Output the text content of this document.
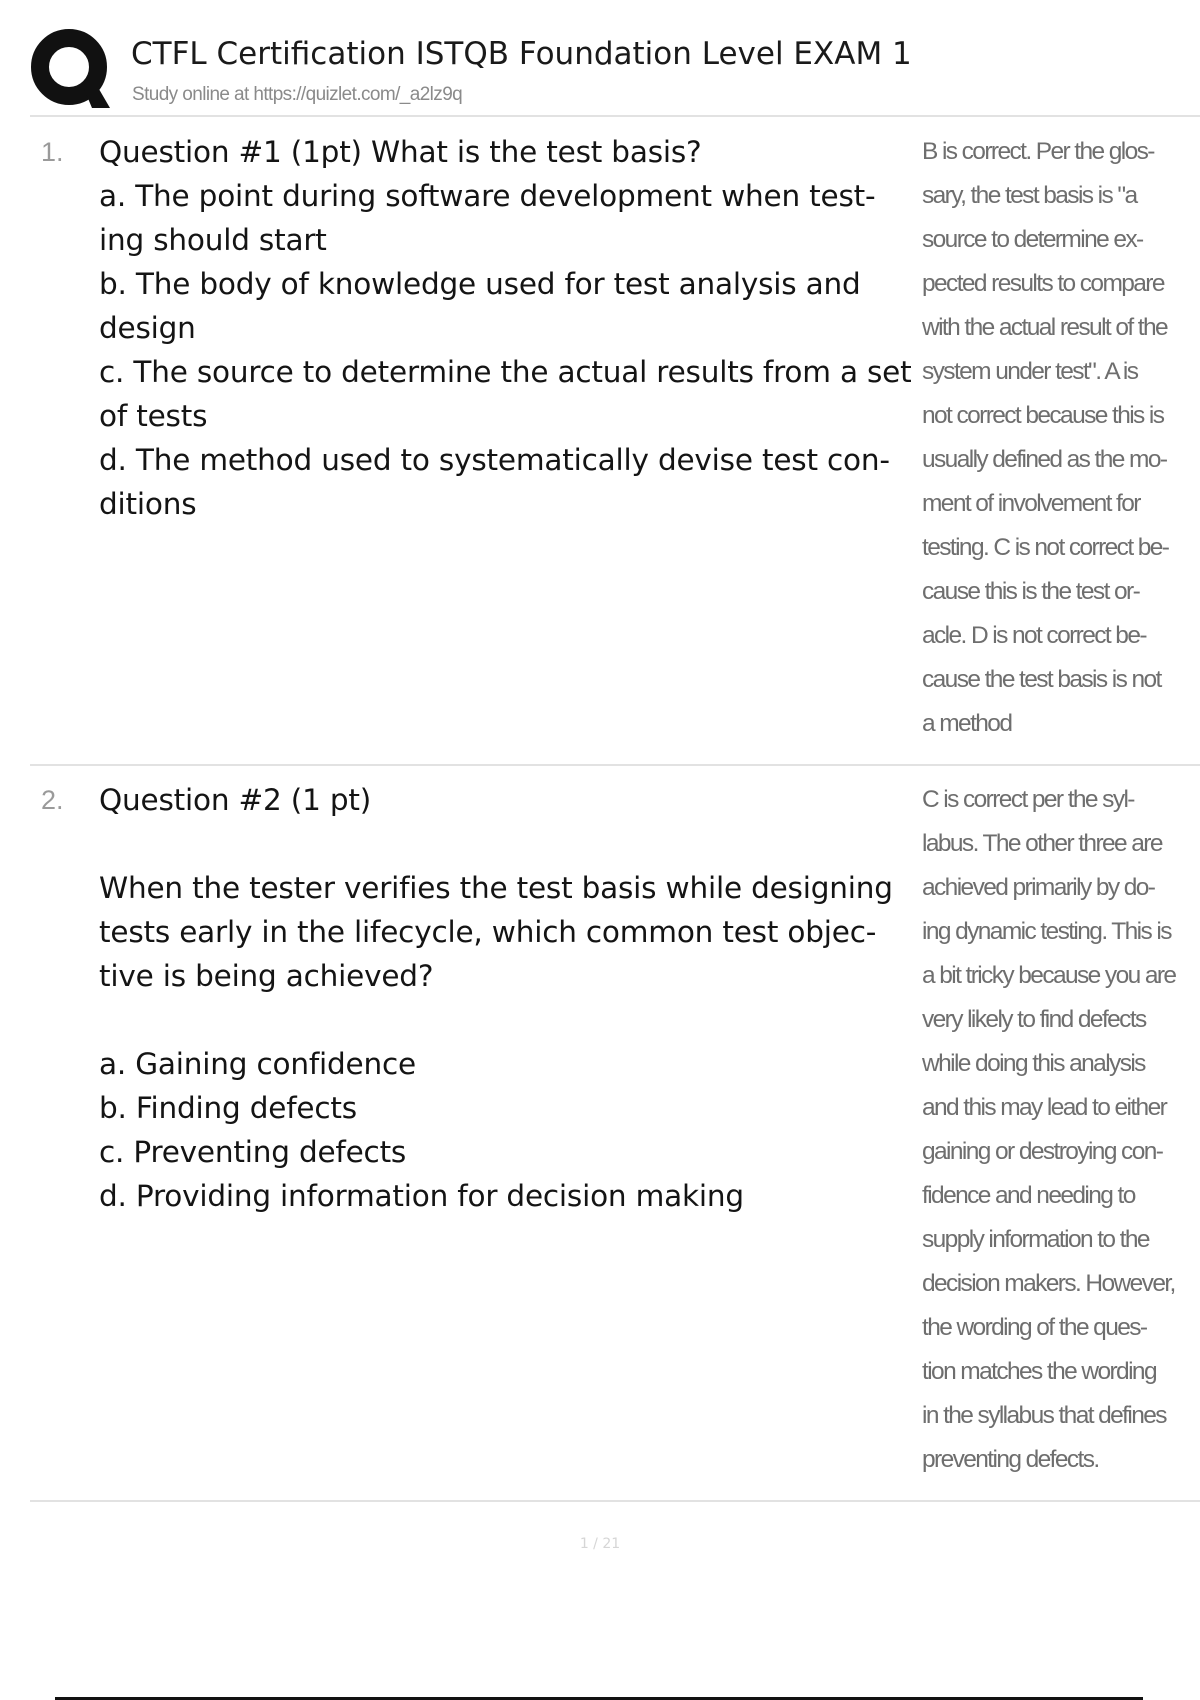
CTFL Certification ISTQB Foundation Level EXAM 1
Study online at https://quizlet.com/_a2lz9q
1. Question #1 (1pt) What is the test basis?

a. The point during software development when test-ing should start

b. The body of knowledge used for test analysis and design

c. The source to determine the actual results from a set of tests

d. The method used to systematically devise test con-ditions

B is correct. Per the glos-
sary, the test basis is "a
source to determine ex-
pected results to compare
with the actual result of the
system under test". A is
not correct because this is
usually defined as the mo-
ment of involvement for
testing. C is not correct be-
cause this is the test or-
acle. D is not correct be-
cause the test basis is not
a method
2. Question #2 (1 pt)

When the tester verifies the test basis while designing tests early in the lifecycle, which common test objec-tive is being achieved?

a. Gaining confidence

b. Finding defects

c. Preventing defects

d. Providing information for decision making

C is correct per the syl-
labus. The other three are
achieved primarily by do-
ing dynamic testing. This is
a bit tricky because you are
very likely to find defects
while doing this analysis
and this may lead to either
gaining or destroying con-
fidence and needing to
supply information to the
decision makers. However,
the wording of the ques-
tion matches the wording
in the syllabus that defines
preventing defects.
1 / 21
